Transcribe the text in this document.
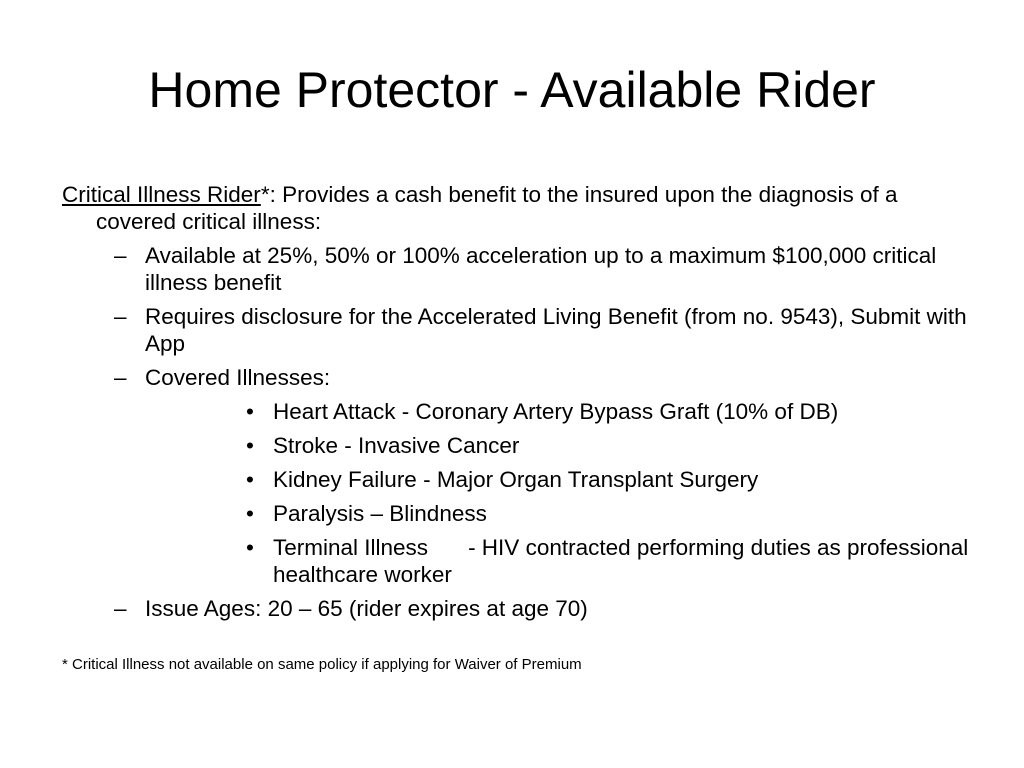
Home Protector - Available Rider
Critical Illness Rider*: Provides a cash benefit to the insured upon the diagnosis of a covered critical illness:
– Available at 25%, 50% or 100% acceleration up to a maximum $100,000 critical illness benefit
– Requires disclosure for the Accelerated Living Benefit (from no. 9543), Submit with App
– Covered Illnesses:
• Heart Attack - Coronary Artery Bypass Graft (10% of DB)
• Stroke - Invasive Cancer
• Kidney Failure - Major Organ Transplant Surgery
• Paralysis – Blindness
• Terminal Illness - HIV contracted performing duties as professional healthcare worker
– Issue Ages: 20 – 65 (rider expires at age 70)
* Critical Illness not available on same policy if applying for Waiver of Premium
